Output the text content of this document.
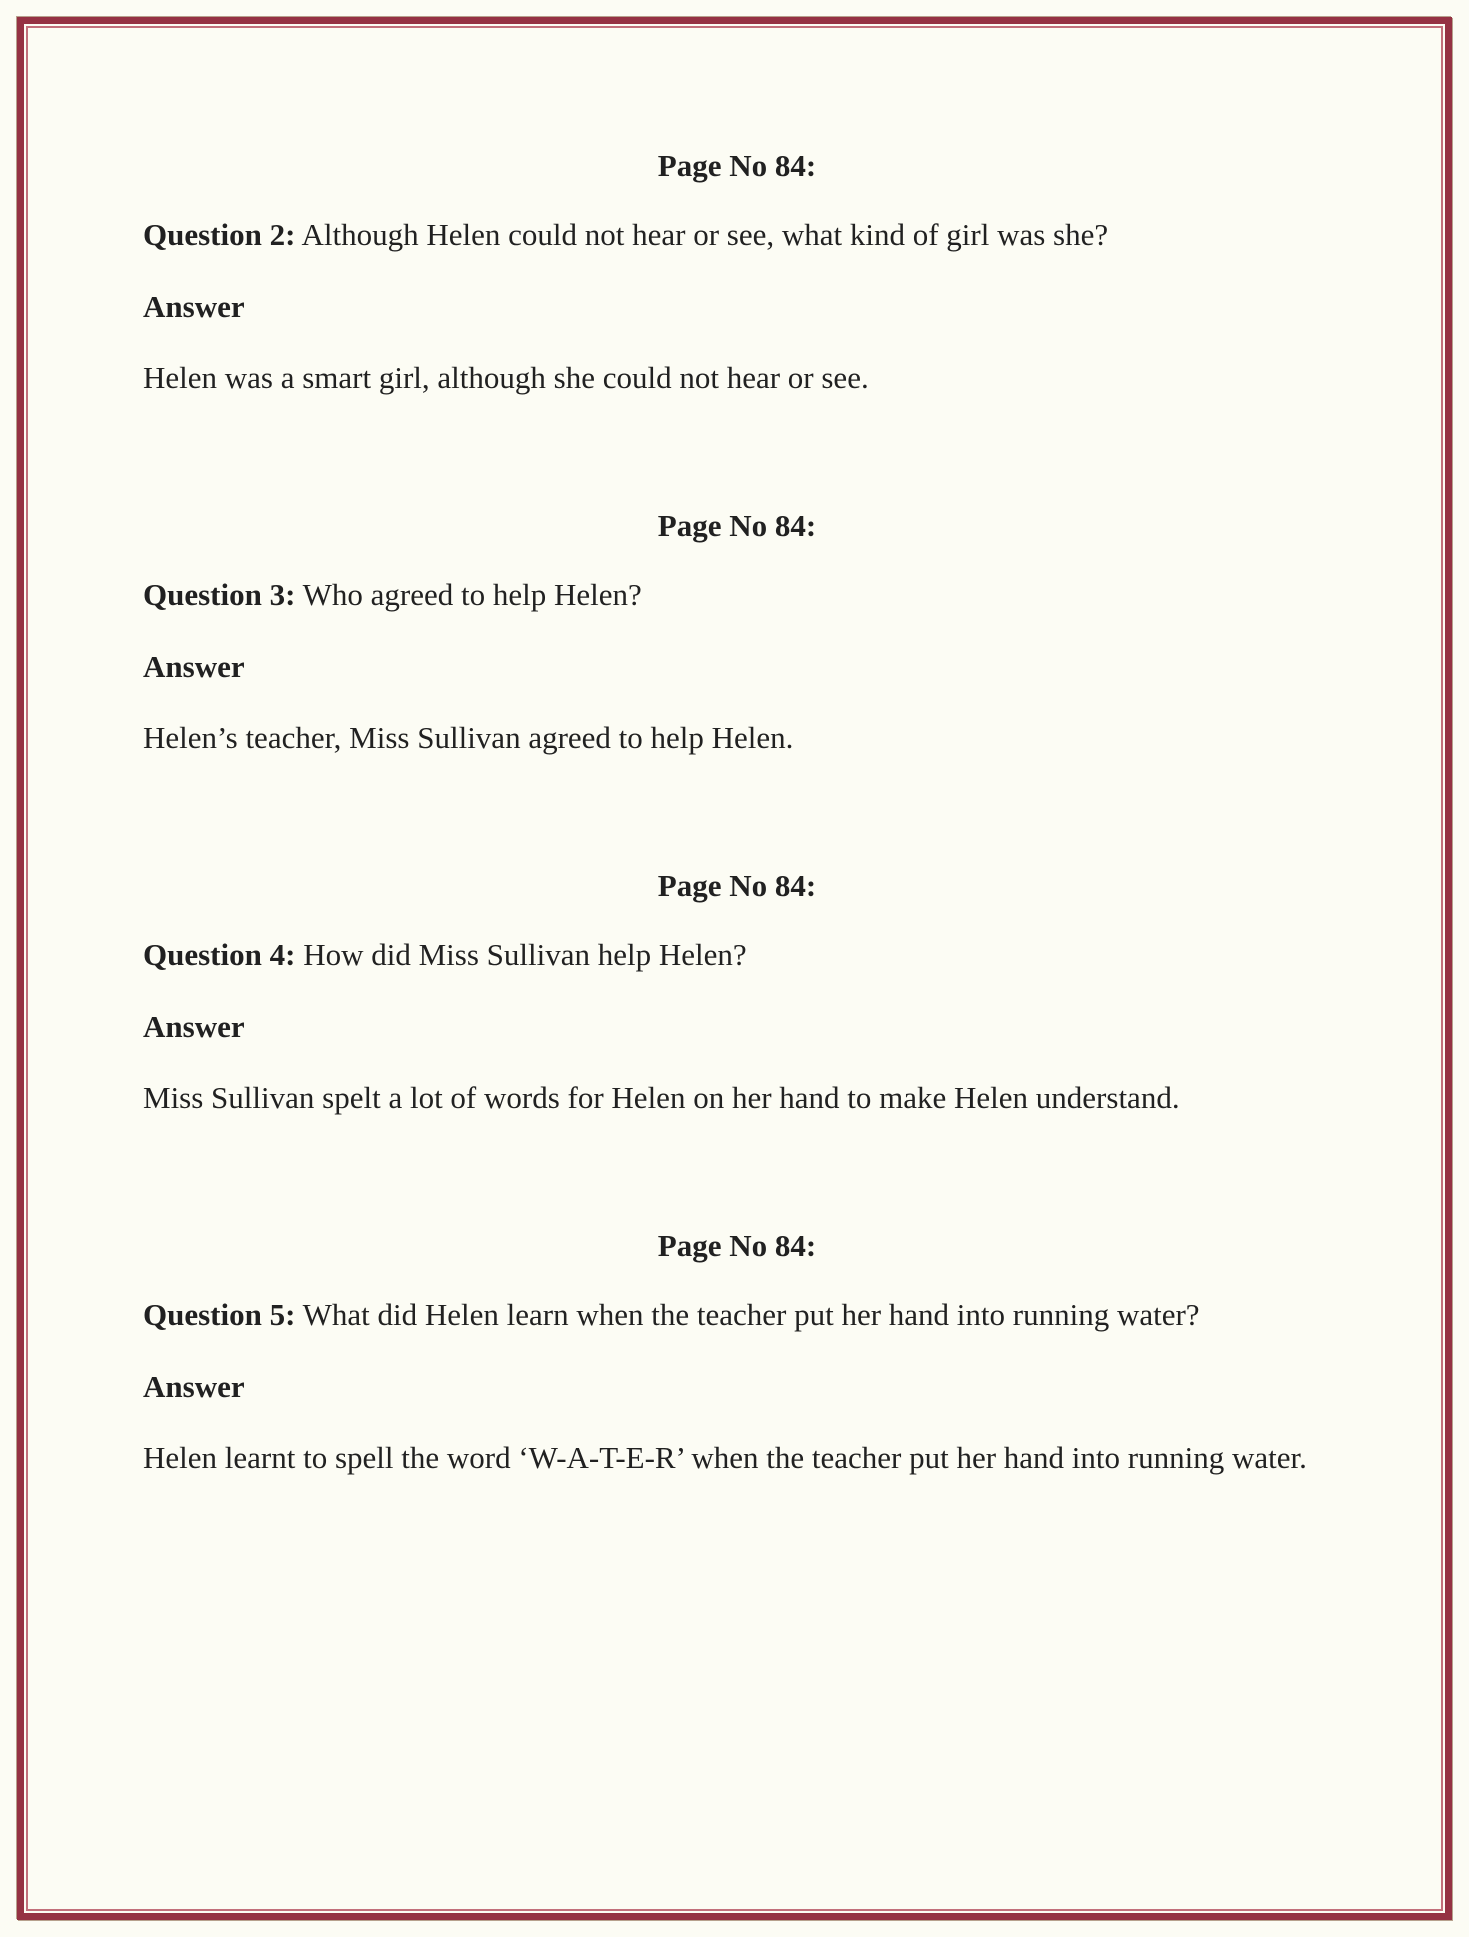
Page No 84:

Question 2: Although Helen could not hear or see, what kind of girl was she?

Answer

Helen was a smart girl, although she could not hear or see.

Page No 84:

Question 3: Who agreed to help Helen?

Answer

Helen’s teacher, Miss Sullivan agreed to help Helen.

Page No 84:

Question 4: How did Miss Sullivan help Helen?

Answer

Miss Sullivan spelt a lot of words for Helen on her hand to make Helen understand.

Page No 84:

Question 5: What did Helen learn when the teacher put her hand into running water?

Answer

Helen learnt to spell the word ‘W-A-T-E-R’ when the teacher put her hand into running water.
